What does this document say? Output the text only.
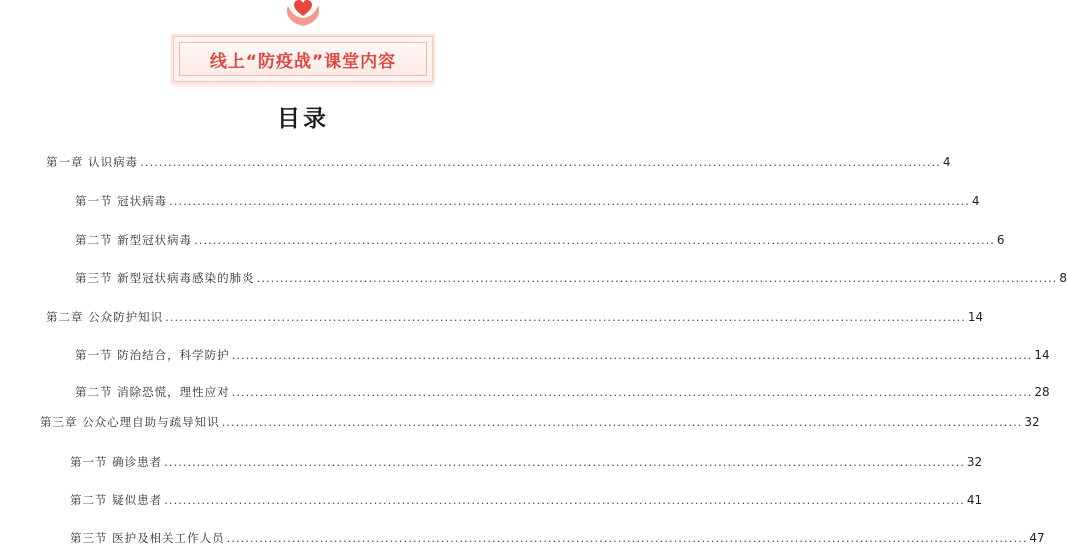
线上“防疫战”课堂内容
目录
第一章 认识病毒 ............................................................................................................................................................................ 4
第一节 冠状病毒 ............................................................................................................................................................................ 4
第二节 新型冠状病毒 ............................................................................................................................................................................ 6
第三节 新型冠状病毒感染的肺炎 ............................................................................................................................................................................ 8
第二章 公众防护知识 ............................................................................................................................................................................ 14
第一节 防治结合，科学防护 ............................................................................................................................................................................ 14
第二节 消除恐慌，理性应对 ............................................................................................................................................................................ 28
第三章 公众心理自助与疏导知识 ............................................................................................................................................................................ 32
第一节 确诊患者 ............................................................................................................................................................................ 32
第二节 疑似患者 ............................................................................................................................................................................ 41
第三节 医护及相关工作人员 ............................................................................................................................................................................ 47
